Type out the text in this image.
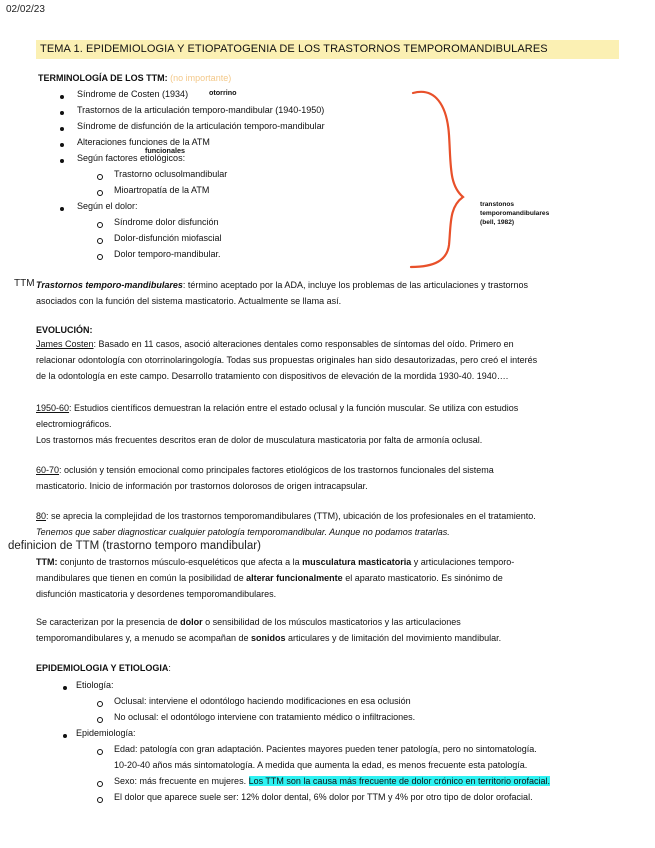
02/02/23
TEMA 1. EPIDEMIOLOGIA Y ETIOPATOGENIA DE LOS TRASTORNOS TEMPOROMANDIBULARES
TERMINOLOGÍA DE LOS TTM: (no importante)
Síndrome de Costen (1934)	otorrino
Trastornos de la articulación temporo-mandibular (1940-1950)
Síndrome de disfunción de la articulación temporo-mandibular
Alteraciones funciones de la ATM
funcionales
Según factores etiológicos:
Trastorno oclusolmandibular
Mioartropatía de la ATM
Según el dolor:
Síndrome dolor disfunción
Dolor-disfunción miofascial
Dolor temporo-mandibular.
transtonos
temporomandibulares
(bell, 1982)
TTM Trastornos temporo-mandibulares: término aceptado por la ADA, incluye los problemas de las articulaciones y trastornos
asociados con la función del sistema masticatorio. Actualmente se llama así.
EVOLUCIÓN:
James Costen: Basado en 11 casos, asoció alteraciones dentales como responsables de síntomas del oído. Primero en
relacionar odontología con otorrinolaringología. Todas sus propuestas originales han sido desautorizadas, pero creó el interés
de la odontología en este campo. Desarrollo tratamiento con dispositivos de elevación de la mordida 1930-40. 1940….
1950-60: Estudios científicos demuestran la relación entre el estado oclusal y la función muscular. Se utiliza con estudios
electromiográficos.
Los trastornos más frecuentes descritos eran de dolor de musculatura masticatoria por falta de armonía oclusal.
60-70: oclusión y tensión emocional como principales factores etiológicos de los trastornos funcionales del sistema
masticatorio. Inicio de información por trastornos dolorosos de origen intracapsular.
80: se aprecia la complejidad de los trastornos temporomandibulares (TTM), ubicación de los profesionales en el tratamiento.
Tenemos que saber diagnosticar cualquier patología temporomandibular. Aunque no podamos tratarlas.
definicion de TTM (trastorno temporo mandibular)
TTM: conjunto de trastornos músculo-esqueléticos que afecta a la musculatura masticatoria y articulaciones temporo-
mandibulares que tienen en común la posibilidad de alterar funcionalmente el aparato masticatorio. Es sinónimo de
disfunción masticatoria y desordenes temporomandibulares.
Se caracterizan por la presencia de dolor o sensibilidad de los músculos masticatorios y las articulaciones
temporomandibulares y, a menudo se acompañan de sonidos articulares y de limitación del movimiento mandibular.
EPIDEMIOLOGIA Y ETIOLOGIA:
Etiología:
Oclusal: interviene el odontólogo haciendo modificaciones en esa oclusión
No oclusal: el odontólogo interviene con tratamiento médico o infiltraciones.
Epidemiología:
Edad: patología con gran adaptación. Pacientes mayores pueden tener patología, pero no sintomatología.
10-20-40 años más sintomatología. A medida que aumenta la edad, es menos frecuente esta patología.
Sexo: más frecuente en mujeres. Los TTM son la causa más frecuente de dolor crónico en territorio orofacial.
El dolor que aparece suele ser: 12% dolor dental, 6% dolor por TTM y 4% por otro tipo de dolor orofacial.
